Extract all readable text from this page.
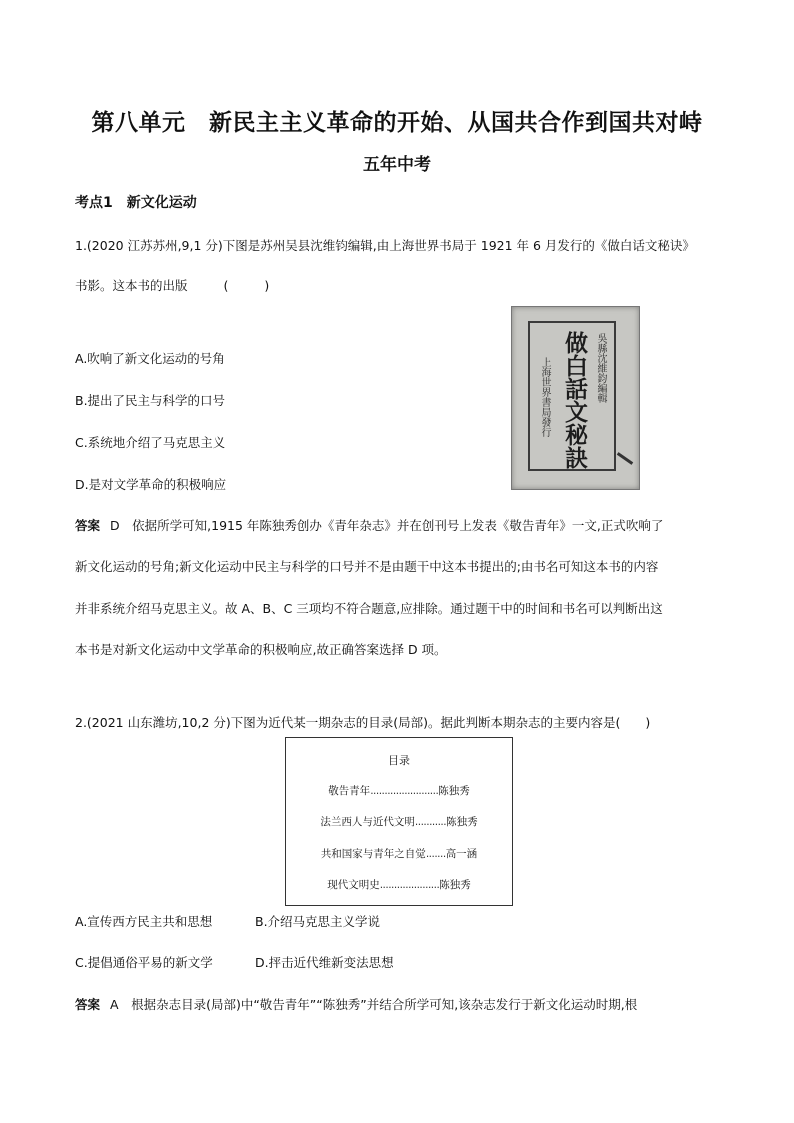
第八单元　新民主主义革命的开始、从国共合作到国共对峙
五年中考
考点1　新文化运动
1.(2020 江苏苏州,9,1 分)下图是苏州吴县沈维钧编辑,由上海世界书局于 1921 年 6 月发行的《做白话文秘诀》
书影。这本书的出版	(	)
A.吹响了新文化运动的号角
B.提出了民主与科学的口号
C.系统地介绍了马克思主义
D.是对文学革命的积极响应
上海世界書局發行 做白話文秘訣 吳縣沈維鈞編輯
答案 D　依据所学可知,1915 年陈独秀创办《青年杂志》并在创刊号上发表《敬告青年》一文,正式吹响了
新文化运动的号角;新文化运动中民主与科学的口号并不是由题干中这本书提出的;由书名可知这本书的内容
并非系统介绍马克思主义。故 A、B、C 三项均不符合题意,应排除。通过题干中的时间和书名可以判断出这
本书是对新文化运动中文学革命的积极响应,故正确答案选择 D 项。
2.(2021 山东潍坊,10,2 分)下图为近代某一期杂志的目录(局部)。据此判断本期杂志的主要内容是(　　)
目录
敬告青年........................陈独秀
法兰西人与近代文明...........陈独秀
共和国家与青年之自觉.......高一涵
现代文明史.....................陈独秀
A.宣传西方民主共和思想	B.介绍马克思主义学说
C.提倡通俗平易的新文学	D.抨击近代维新变法思想
答案 A　根据杂志目录(局部)中“敬告青年”“陈独秀”并结合所学可知,该杂志发行于新文化运动时期,根
